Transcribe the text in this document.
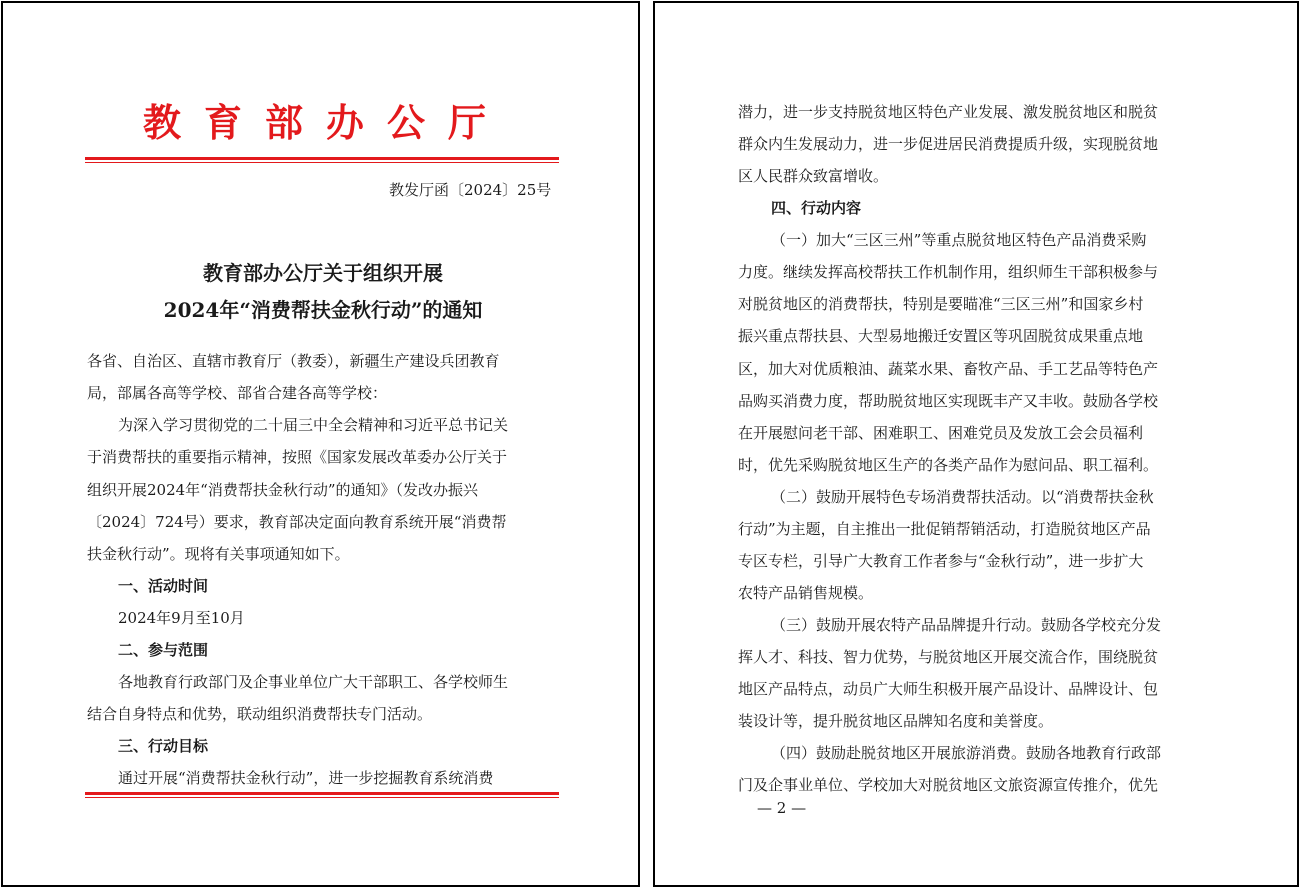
教育部办公厅
教发厅函〔2024〕25号
教育部办公厅关于组织开展
2024年“消费帮扶金秋行动”的通知
各省、自治区、直辖市教育厅（教委），新疆生产建设兵团教育
局，部属各高等学校、部省合建各高等学校：
为深入学习贯彻党的二十届三中全会精神和习近平总书记关
于消费帮扶的重要指示精神，按照《国家发展改革委办公厅关于
组织开展2024年“消费帮扶金秋行动”的通知》（发改办振兴
〔2024〕724号）要求，教育部决定面向教育系统开展“消费帮
扶金秋行动”。现将有关事项通知如下。
一、活动时间
2024年9月至10月
二、参与范围
各地教育行政部门及企事业单位广大干部职工、各学校师生
结合自身特点和优势，联动组织消费帮扶专门活动。
三、行动目标
通过开展“消费帮扶金秋行动”，进一步挖掘教育系统消费
潜力，进一步支持脱贫地区特色产业发展、激发脱贫地区和脱贫
群众内生发展动力，进一步促进居民消费提质升级，实现脱贫地
区人民群众致富增收。
四、行动内容
（一）加大“三区三州”等重点脱贫地区特色产品消费采购
力度。继续发挥高校帮扶工作机制作用，组织师生干部积极参与
对脱贫地区的消费帮扶，特别是要瞄准“三区三州”和国家乡村
振兴重点帮扶县、大型易地搬迁安置区等巩固脱贫成果重点地
区，加大对优质粮油、蔬菜水果、畜牧产品、手工艺品等特色产
品购买消费力度，帮助脱贫地区实现既丰产又丰收。鼓励各学校
在开展慰问老干部、困难职工、困难党员及发放工会会员福利
时，优先采购脱贫地区生产的各类产品作为慰问品、职工福利。
（二）鼓励开展特色专场消费帮扶活动。以“消费帮扶金秋
行动”为主题，自主推出一批促销帮销活动，打造脱贫地区产品
专区专栏，引导广大教育工作者参与“金秋行动”，进一步扩大
农特产品销售规模。
（三）鼓励开展农特产品品牌提升行动。鼓励各学校充分发
挥人才、科技、智力优势，与脱贫地区开展交流合作，围绕脱贫
地区产品特点，动员广大师生积极开展产品设计、品牌设计、包
装设计等，提升脱贫地区品牌知名度和美誉度。
（四）鼓励赴脱贫地区开展旅游消费。鼓励各地教育行政部
门及企事业单位、学校加大对脱贫地区文旅资源宣传推介，优先
— 2 —
